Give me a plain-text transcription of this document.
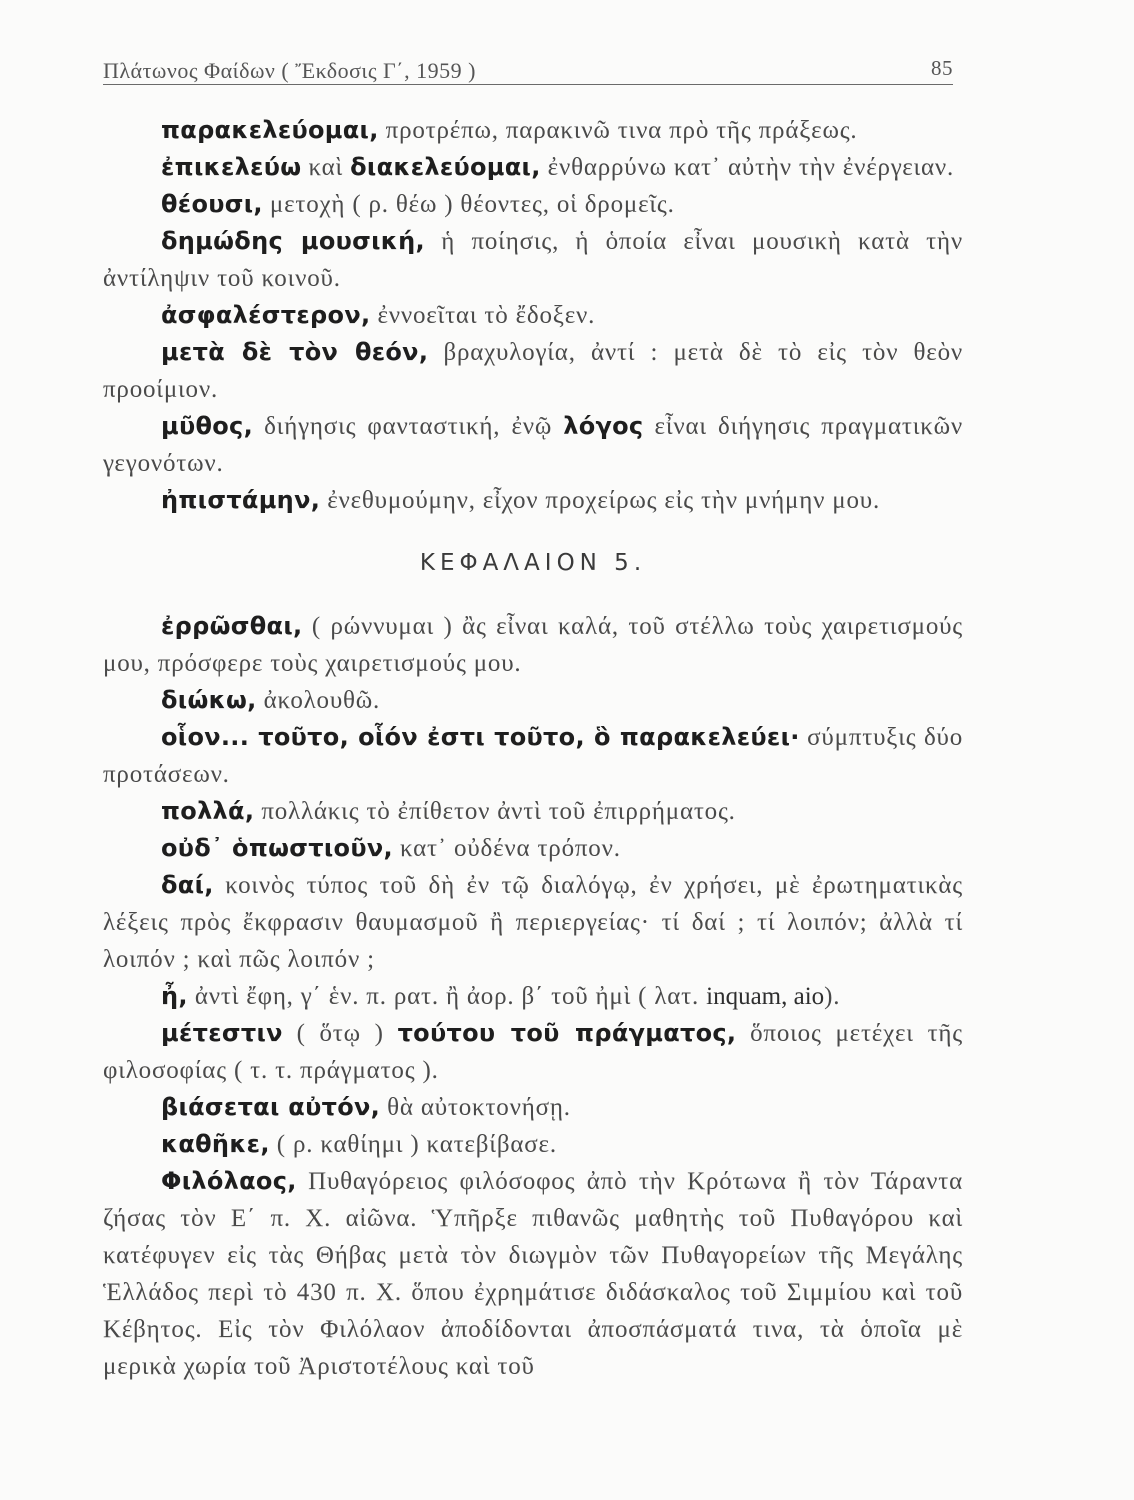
Πλάτωνος Φαίδων ( Ἔκδοσις Γ΄, 1959 )	85

παρακελεύομαι, προτρέπω, παρακινῶ τινα πρὸ τῆς πράξεως.

ἐπικελεύω καὶ διακελεύομαι, ἐνθαρρύνω κατ᾽ αὐτὴν τὴν ἐνέργειαν.

θέουσι, μετοχὴ ( ρ. θέω ) θέοντες, οἱ δρομεῖς.

δημώδης μουσική, ἡ ποίησις, ἡ ὁποία εἶναι μουσικὴ κατὰ τὴν ἀντίληψιν τοῦ κοινοῦ.

ἀσφαλέστερον, ἐννοεῖται τὸ ἔδοξεν.

μετὰ δὲ τὸν θεόν, βραχυλογία, ἀντί : μετὰ δὲ τὸ εἰς τὸν θεὸν προοίμιον.

μῦθος, διήγησις φανταστική, ἐνῷ λόγος εἶναι διήγησις πραγματικῶν γεγονότων.

ἠπιστάμην, ἐνεθυμούμην, εἶχον προχείρως εἰς τὴν μνήμην μου.

ΚΕΦΑΛΑΙΟΝ 5.

ἐρρῶσθαι, ( ρώννυμαι ) ἂς εἶναι καλά, τοῦ στέλλω τοὺς χαιρετισμούς μου, πρόσφερε τοὺς χαιρετισμούς μου.

διώκω, ἀκολουθῶ.

οἷον... τοῦτο, οἷόν ἐστι τοῦτο, ὃ παρακελεύει· σύμπτυξις δύο προτάσεων.

πολλά, πολλάκις τὸ ἐπίθετον ἀντὶ τοῦ ἐπιρρήματος.

οὐδ᾽ ὁπωστιοῦν, κατ᾽ οὐδένα τρόπον.

δαί, κοινὸς τύπος τοῦ δὴ ἐν τῷ διαλόγῳ, ἐν χρήσει, μὲ ἐρωτηματικὰς λέξεις πρὸς ἔκφρασιν θαυμασμοῦ ἢ περιεργείας· τί δαί ; τί λοιπόν; ἀλλὰ τί λοιπόν ; καὶ πῶς λοιπόν ;

ἦ, ἀντὶ ἔφη, γ΄ ἑν. π. ρατ. ἢ ἀορ. β΄ τοῦ ἠμὶ ( λατ. inquam, aio).

μέτεστιν ( ὅτῳ ) τούτου τοῦ πράγματος, ὅποιος μετέχει τῆς φιλοσοφίας ( τ. τ. πράγματος ).

βιάσεται αὐτόν, θὰ αὐτοκτονήσῃ.

καθῆκε, ( ρ. καθίημι ) κατεβίβασε.

Φιλόλαος, Πυθαγόρειος φιλόσοφος ἀπὸ τὴν Κρότωνα ἢ τὸν Τάραντα ζήσας τὸν Ε΄ π. Χ. αἰῶνα. Ὑπῆρξε πιθανῶς μαθητὴς τοῦ Πυθαγόρου καὶ κατέφυγεν εἰς τὰς Θήβας μετὰ τὸν διωγμὸν τῶν Πυθαγορείων τῆς Μεγάλης Ἑλλάδος περὶ τὸ 430 π. Χ. ὅπου ἐχρημάτισε διδάσκαλος τοῦ Σιμμίου καὶ τοῦ Κέβητος. Εἰς τὸν Φιλόλαον ἀποδίδονται ἀποσπάσματά τινα, τὰ ὁποῖα μὲ μερικὰ χωρία τοῦ Ἀριστοτέλους καὶ τοῦ
